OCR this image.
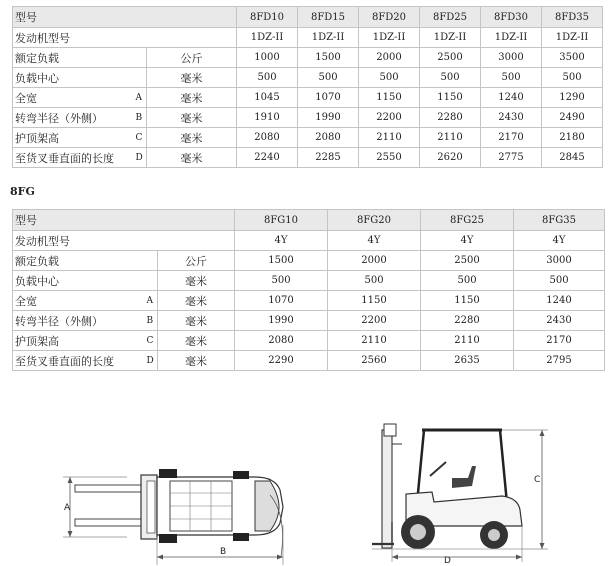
型号			8FD10	8FD15	8FD20	8FD25	8FD30	8FD35
发动机型号			1DZ-II	1DZ-II	1DZ-II	1DZ-II	1DZ-II	1DZ-II
额定负载		公斤	1000	1500	2000	2500	3000	3500
负载中心		毫米	500	500	500	500	500	500
全宽	A	毫米	1045	1070	1150	1150	1240	1290
转弯半径（外侧）	B	毫米	1910	1990	2200	2280	2430	2490
护顶架高	C	毫米	2080	2080	2110	2110	2170	2180
至货叉垂直面的长度	D	毫米	2240	2285	2550	2620	2775	2845
8FG
型号			8FG10	8FG20	8FG25	8FG35
发动机型号			4Y	4Y	4Y	4Y
额定负载		公斤	1500	2000	2500	3000
负载中心		毫米	500	500	500	500
全宽	A	毫米	1070	1150	1150	1240
转弯半径（外侧）	B	毫米	1990	2200	2280	2430
护顶架高	C	毫米	2080	2110	2110	2170
至货叉垂直面的长度	D	毫米	2290	2560	2635	2795
A
B
C
D
